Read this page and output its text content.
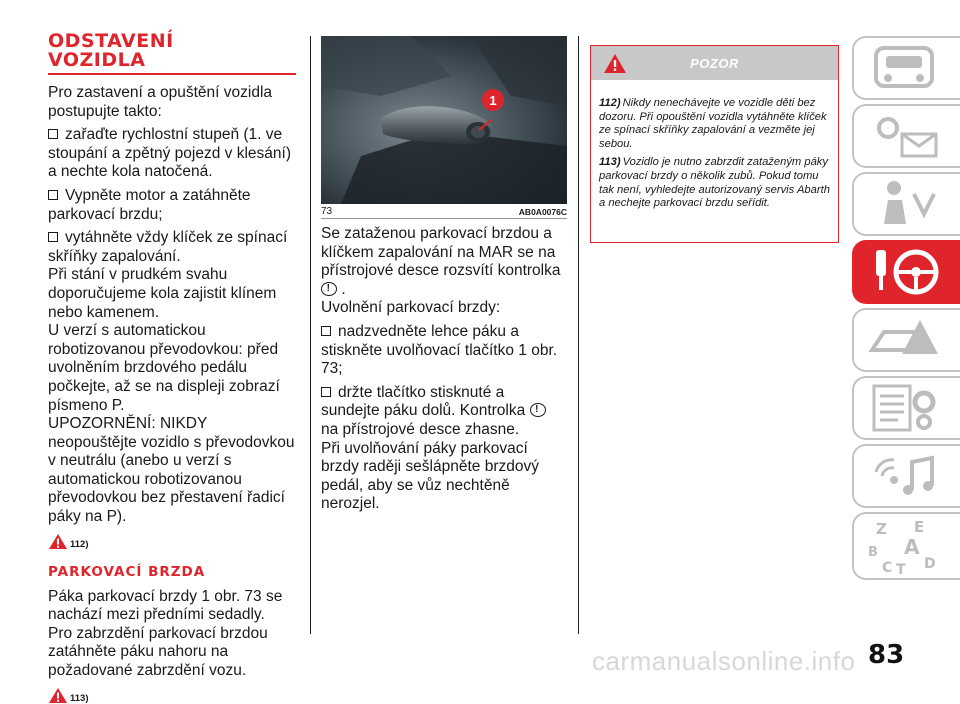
ODSTAVENÍ
VOZIDLA

Pro zastavení a opuštění vozidla postupujte takto:

zařaďte rychlostní stupeň (1. ve stoupání a zpětný pojezd v klesání) a nechte kola natočená.

Vypněte motor a zatáhněte parkovací brzdu;

vytáhněte vždy klíček ze spínací skříňky zapalování.

Při stání v prudkém svahu doporučujeme kola zajistit klínem nebo kamenem.

U verzí s automatickou robotizovanou převodovkou: před uvolněním brzdového pedálu počkejte, až se na displeji zobrazí písmeno P.

UPOZORNĚNÍ: NIKDY neopouštějte vozidlo s převodovkou v neutrálu (anebo u verzí s automatickou robotizovanou převodovkou bez přestavení řadicí páky na P).

112)
PARKOVACÍ BRZDA

Páka parkovací brzdy 1 obr. 73 se nachází mezi předními sedadly.

Pro zabrzdění parkovací brzdou zatáhněte páku nahoru na požadované zabrzdění vozu.

113)
1
73	AB0A0076C

Se zataženou parkovací brzdou a klíčkem zapalování na MAR se na přístrojové desce rozsvítí kontrolka

! .

Uvolnění parkovací brzdy:

nadzvedněte lehce páku a stiskněte uvolňovací tlačítko 1 obr. 73;

držte tlačítko stisknuté a sundejte páku dolů. Kontrolka !
na přístrojové desce zhasne.

Při uvolňování páky parkovací brzdy raději sešlápněte brzdový pedál, aby se vůz nechtěně nerozjel.

POZOR

112) Nikdy nenechávejte ve vozidle děti bez dozoru. Při opouštění vozidla vytáhněte klíček ze spínací skříňky zapalování a vezměte jej sebou.

113) Vozidlo je nutno zabrzdit zataženým páky parkovací brzdy o několik zubů. Pokud tomu tak není, vyhledejte autorizovaný servis Abarth a nechejte parkovací brzdu seřídit.

Z E
B A
C T D
83
carmanualsonline.info
